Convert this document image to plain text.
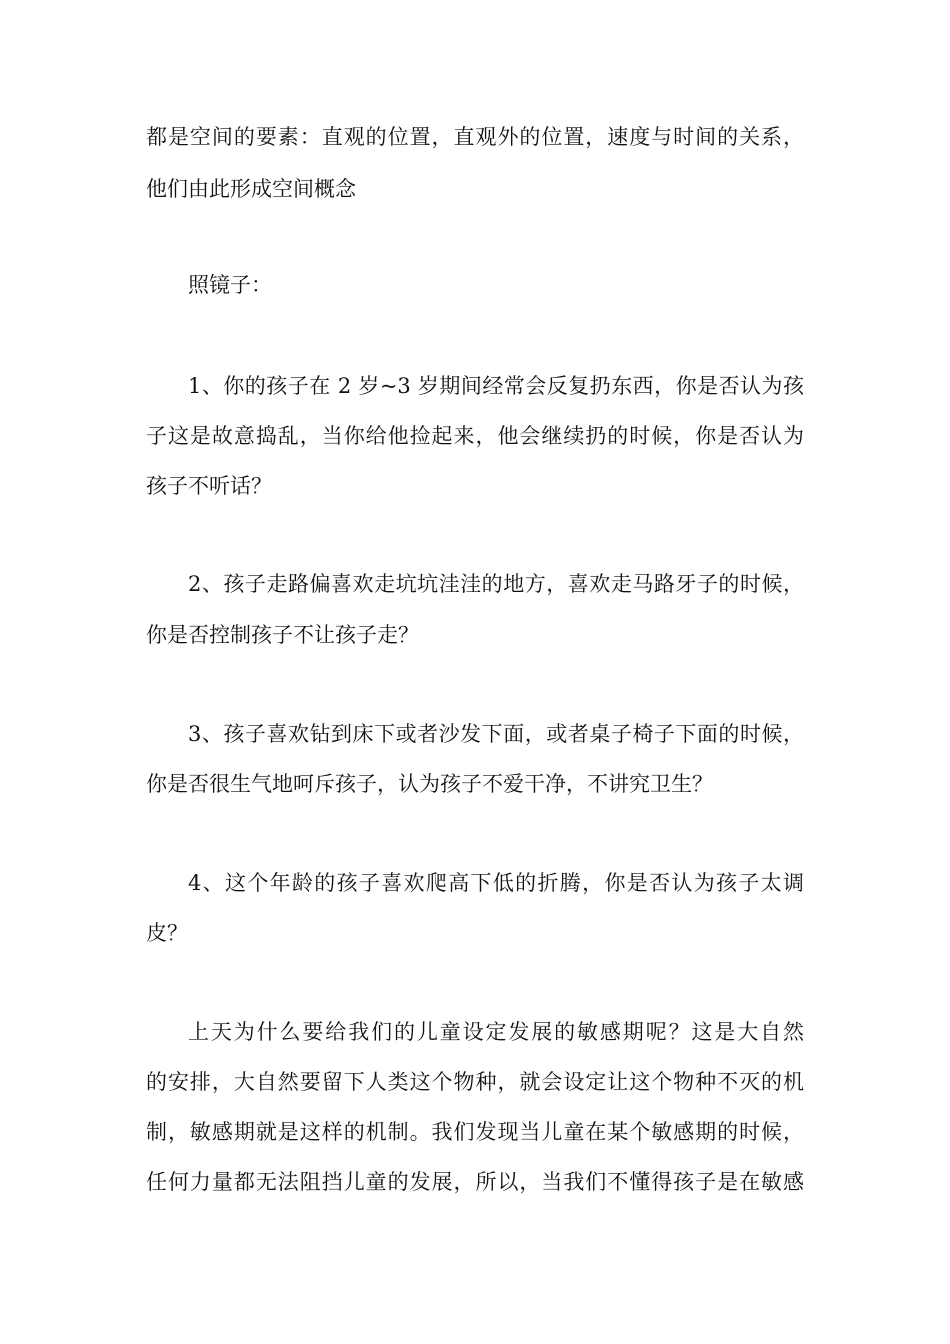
都是空间的要素：直观的位置，直观外的位置，速度与时间的关系，
他们由此形成空间概念
照镜子：
1、你的孩子在 2 岁~3 岁期间经常会反复扔东西，你是否认为孩
子这是故意捣乱，当你给他捡起来，他会继续扔的时候，你是否认为
孩子不听话？
2、孩子走路偏喜欢走坑坑洼洼的地方，喜欢走马路牙子的时候，
你是否控制孩子不让孩子走？
3、孩子喜欢钻到床下或者沙发下面，或者桌子椅子下面的时候，
你是否很生气地呵斥孩子，认为孩子不爱干净，不讲究卫生？
4、这个年龄的孩子喜欢爬高下低的折腾，你是否认为孩子太调
皮？
上天为什么要给我们的儿童设定发展的敏感期呢？这是大自然
的安排，大自然要留下人类这个物种，就会设定让这个物种不灭的机
制，敏感期就是这样的机制。我们发现当儿童在某个敏感期的时候，
任何力量都无法阻挡儿童的发展，所以，当我们不懂得孩子是在敏感
